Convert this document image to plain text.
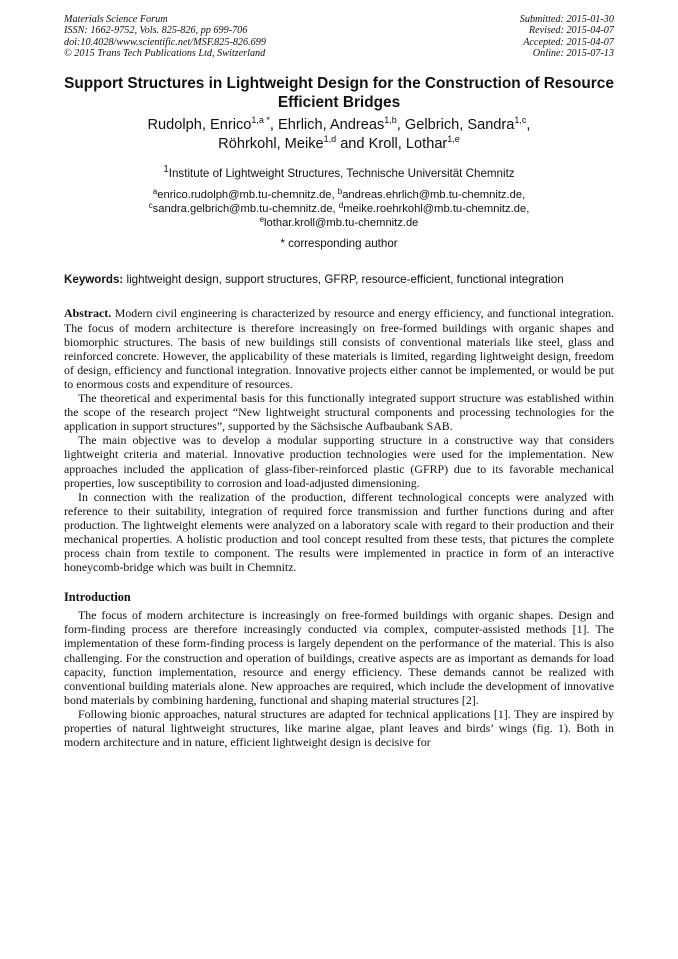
Materials Science Forum
ISSN: 1662-9752, Vols. 825-826, pp 699-706
doi:10.4028/www.scientific.net/MSF.825-826.699
© 2015 Trans Tech Publications Ltd, Switzerland
Submitted: 2015-01-30
Revised: 2015-04-07
Accepted: 2015-04-07
Online: 2015-07-13
Support Structures in Lightweight Design for the Construction of Resource Efficient Bridges
Rudolph, Enrico$^{1,a *}$, Ehrlich, Andreas$^{1,b}$, Gelbrich, Sandra$^{1,c}$,
Röhrkohl, Meike$^{1,d}$ and Kroll, Lothar$^{1,e}$
$^1$Institute of Lightweight Structures, Technische Universität Chemnitz
$^a$enrico.rudolph@mb.tu-chemnitz.de, $^b$andreas.ehrlich@mb.tu-chemnitz.de,
$^c$sandra.gelbrich@mb.tu-chemnitz.de, $^d$meike.roehrkohl@mb.tu-chemnitz.de,
$^e$lothar.kroll@mb.tu-chemnitz.de
* corresponding author
Keywords: lightweight design, support structures, GFRP, resource-efficient, functional integration

Abstract. Modern civil engineering is characterized by resource and energy efficiency, and functional integration. The focus of modern architecture is therefore increasingly on free-formed buildings with organic shapes and biomorphic structures. The basis of new buildings still consists of conventional materials like steel, glass and reinforced concrete. However, the applicability of these materials is limited, regarding lightweight design, freedom of design, efficiency and functional integration. Innovative projects either cannot be implemented, or would be put to enormous costs and expenditure of resources.

The theoretical and experimental basis for this functionally integrated support structure was established within the scope of the research project “New lightweight structural components and processing technologies for the application in support structures”, supported by the Sächsische Aufbaubank SAB.

The main objective was to develop a modular supporting structure in a constructive way that considers lightweight criteria and material. Innovative production technologies were used for the implementation. New approaches included the application of glass-fiber-reinforced plastic (GFRP) due to its favorable mechanical properties, low susceptibility to corrosion and load-adjusted dimensioning.

In connection with the realization of the production, different technological concepts were analyzed with reference to their suitability, integration of required force transmission and further functions during and after production. The lightweight elements were analyzed on a laboratory scale with regard to their production and their mechanical properties. A holistic production and tool concept resulted from these tests, that pictures the complete process chain from textile to component. The results were implemented in practice in form of an interactive honeycomb-bridge which was built in Chemnitz.

Introduction

The focus of modern architecture is increasingly on free-formed buildings with organic shapes. Design and form-finding process are therefore increasingly conducted via complex, computer-assisted methods [1]. The implementation of these form-finding process is largely dependent on the performance of the material. This is also challenging. For the construction and operation of buildings, creative aspects are as important as demands for load capacity, function implementation, resource and energy efficiency. These demands cannot be realized with conventional building materials alone. New approaches are required, which include the development of innovative bond materials by combining hardening, functional and shaping material structures [2].

Following bionic approaches, natural structures are adapted for technical applications [1]. They are inspired by properties of natural lightweight structures, like marine algae, plant leaves and birds’ wings (fig. 1). Both in modern architecture and in nature, efficient lightweight design is decisive for
